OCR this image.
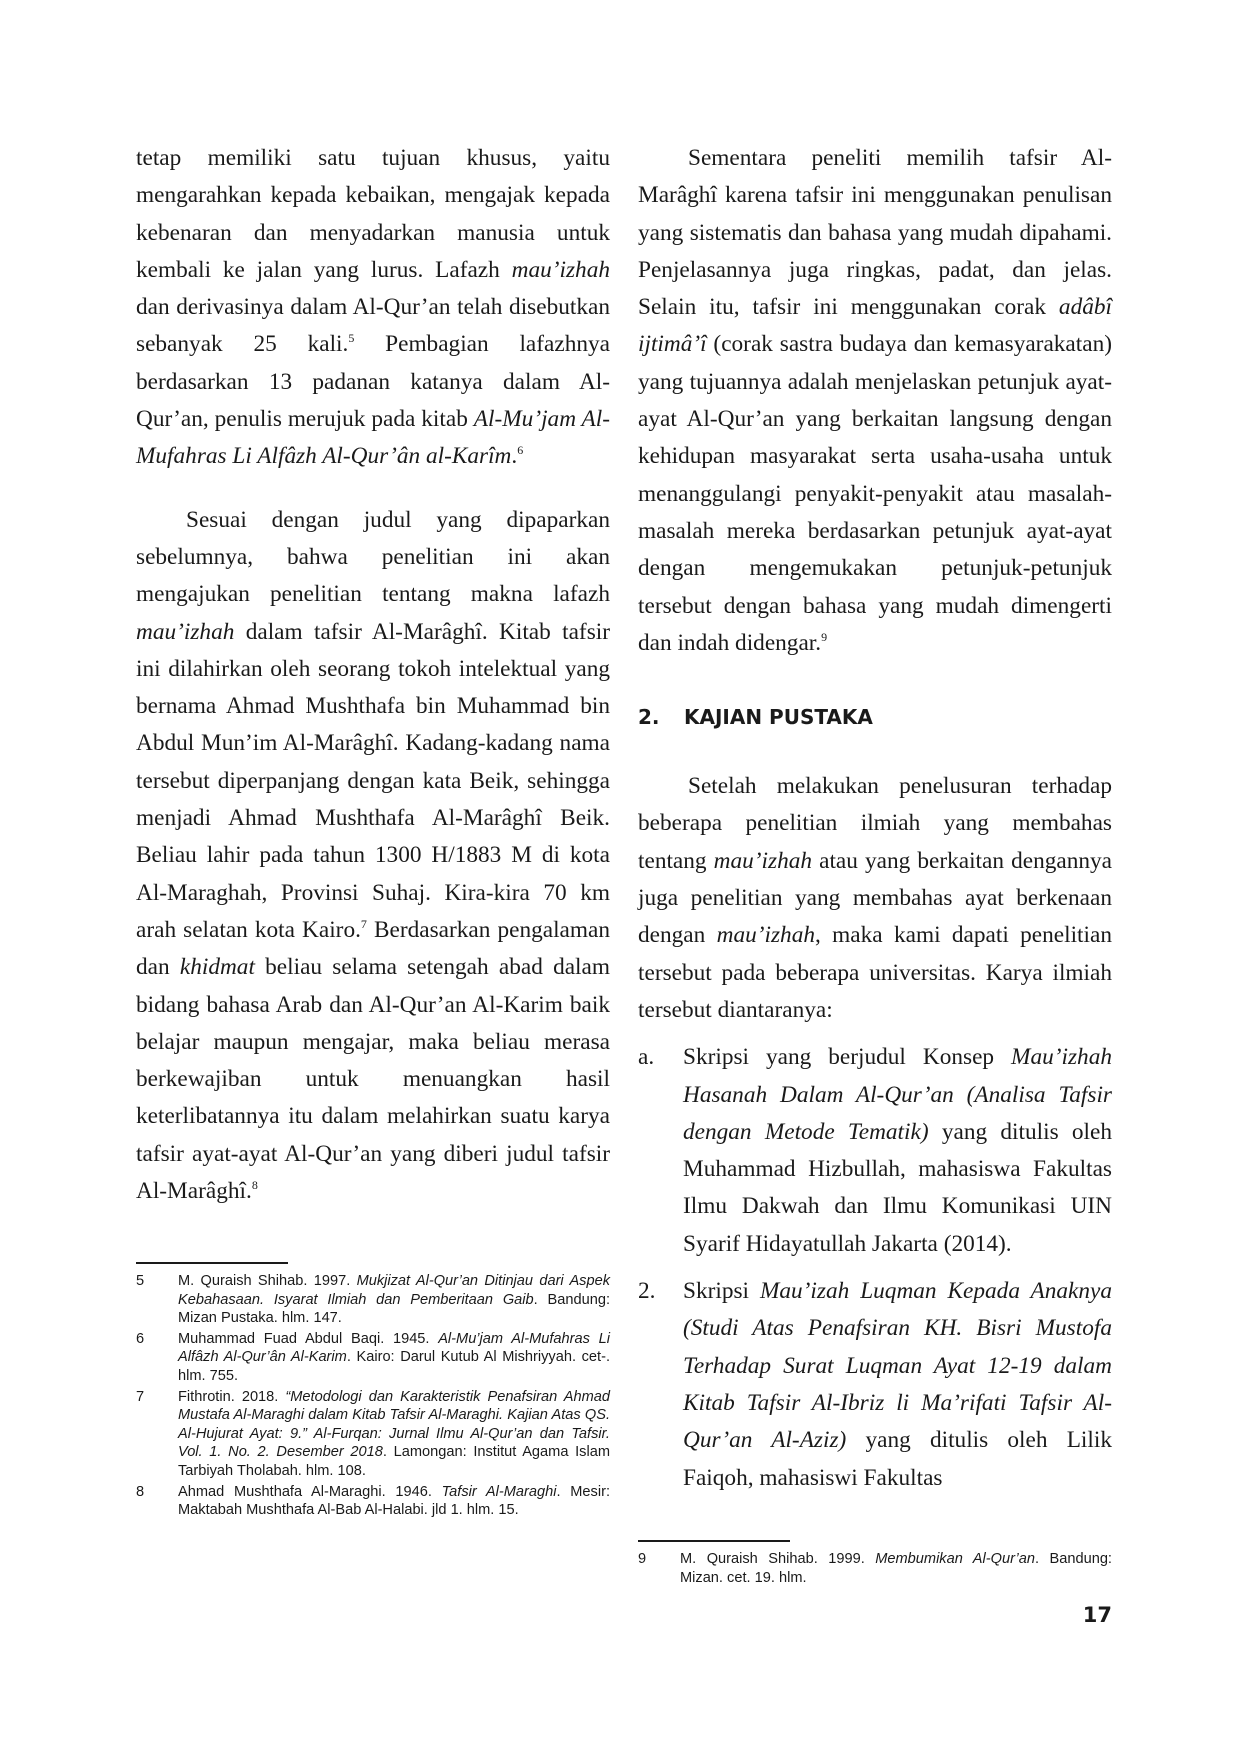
tetap memiliki satu tujuan khusus, yaitu mengarahkan kepada kebaikan, mengajak kepada kebenaran dan menyadarkan manusia untuk kembali ke jalan yang lurus. Lafazh mau’izhah dan derivasinya dalam Al-Qur’an telah disebutkan sebanyak 25 kali.$^5$ Pembagian lafazhnya berdasarkan 13 padanan katanya dalam Al-Qur’an, penulis merujuk pada kitab Al-Mu’jam Al-Mufahras Li Alfâzh Al-Qur’ân al-Karîm.$^6$

Sesuai dengan judul yang dipaparkan sebelumnya, bahwa penelitian ini akan mengajukan penelitian tentang makna lafazh mau’izhah dalam tafsir Al-Marâghî. Kitab tafsir ini dilahirkan oleh seorang tokoh intelektual yang bernama Ahmad Mushthafa bin Muhammad bin Abdul Mun’im Al-Marâghî. Kadang-kadang nama tersebut diperpanjang dengan kata Beik, sehingga menjadi Ahmad Mushthafa Al-Marâghî Beik. Beliau lahir pada tahun 1300 H/1883 M di kota Al-Maraghah, Provinsi Suhaj. Kira-kira 70 km arah selatan kota Kairo.$^7$ Berdasarkan pengalaman dan khidmat beliau selama setengah abad dalam bidang bahasa Arab dan Al-Qur’an Al-Karim baik belajar maupun mengajar, maka beliau merasa berkewajiban untuk menuangkan hasil keterlibatannya itu dalam melahirkan suatu karya tafsir ayat-ayat Al-Qur’an yang diberi judul tafsir Al-Marâghî.$^8$

5	M. Quraish Shihab. 1997. Mukjizat Al-Qur’an Ditinjau dari Aspek Kebahasaan. Isyarat Ilmiah dan Pemberitaan Gaib. Bandung: Mizan Pustaka. hlm. 147.
6	Muhammad Fuad Abdul Baqi. 1945. Al-Mu’jam Al-Mufahras Li Alfâzh Al-Qur’ân Al-Karim. Kairo: Darul Kutub Al Mishriyyah. cet-. hlm. 755.
7	Fithrotin. 2018. “Metodologi dan Karakteristik Penafsiran Ahmad Mustafa Al-Maraghi dalam Kitab Tafsir Al-Maraghi. Kajian Atas QS. Al-Hujurat Ayat: 9.” Al-Furqan: Jurnal Ilmu Al-Qur’an dan Tafsir. Vol. 1. No. 2. Desember 2018. Lamongan: Institut Agama Islam Tarbiyah Tholabah. hlm. 108.
8	Ahmad Mushthafa Al-Maraghi. 1946. Tafsir Al-Maraghi. Mesir: Maktabah Mushthafa Al-Bab Al-Halabi. jld 1. hlm. 15.

Sementara peneliti memilih tafsir Al-Marâghî karena tafsir ini menggunakan penulisan yang sistematis dan bahasa yang mudah dipahami. Penjelasannya juga ringkas, padat, dan jelas. Selain itu, tafsir ini menggunakan corak adâbî ijtimâ’î (corak sastra budaya dan kemasyarakatan) yang tujuannya adalah menjelaskan petunjuk ayat-ayat Al-Qur’an yang berkaitan langsung dengan kehidupan masyarakat serta usaha-usaha untuk menanggulangi penyakit-penyakit atau masalah-masalah mereka berdasarkan petunjuk ayat-ayat dengan mengemukakan petunjuk-petunjuk tersebut dengan bahasa yang mudah dimengerti dan indah didengar.$^9$

2. KAJIAN PUSTAKA

Setelah melakukan penelusuran terhadap beberapa penelitian ilmiah yang membahas tentang mau’izhah atau yang berkaitan dengannya juga penelitian yang membahas ayat berkenaan dengan mau’izhah, maka kami dapati penelitian tersebut pada beberapa universitas. Karya ilmiah tersebut diantaranya:

a. Skripsi yang berjudul Konsep Mau’izhah Hasanah Dalam Al-Qur’an (Analisa Tafsir dengan Metode Tematik) yang ditulis oleh Muhammad Hizbullah, mahasiswa Fakultas Ilmu Dakwah dan Ilmu Komunikasi UIN Syarif Hidayatullah Jakarta (2014).

2. Skripsi Mau’izah Luqman Kepada Anaknya (Studi Atas Penafsiran KH. Bisri Mustofa Terhadap Surat Luqman Ayat 12-19 dalam Kitab Tafsir Al-Ibriz li Ma’rifati Tafsir Al-Qur’an Al-Aziz) yang ditulis oleh Lilik Faiqoh, mahasiswi Fakultas

9	M. Quraish Shihab. 1999. Membumikan Al-Qur’an. Bandung: Mizan. cet. 19. hlm.
17
